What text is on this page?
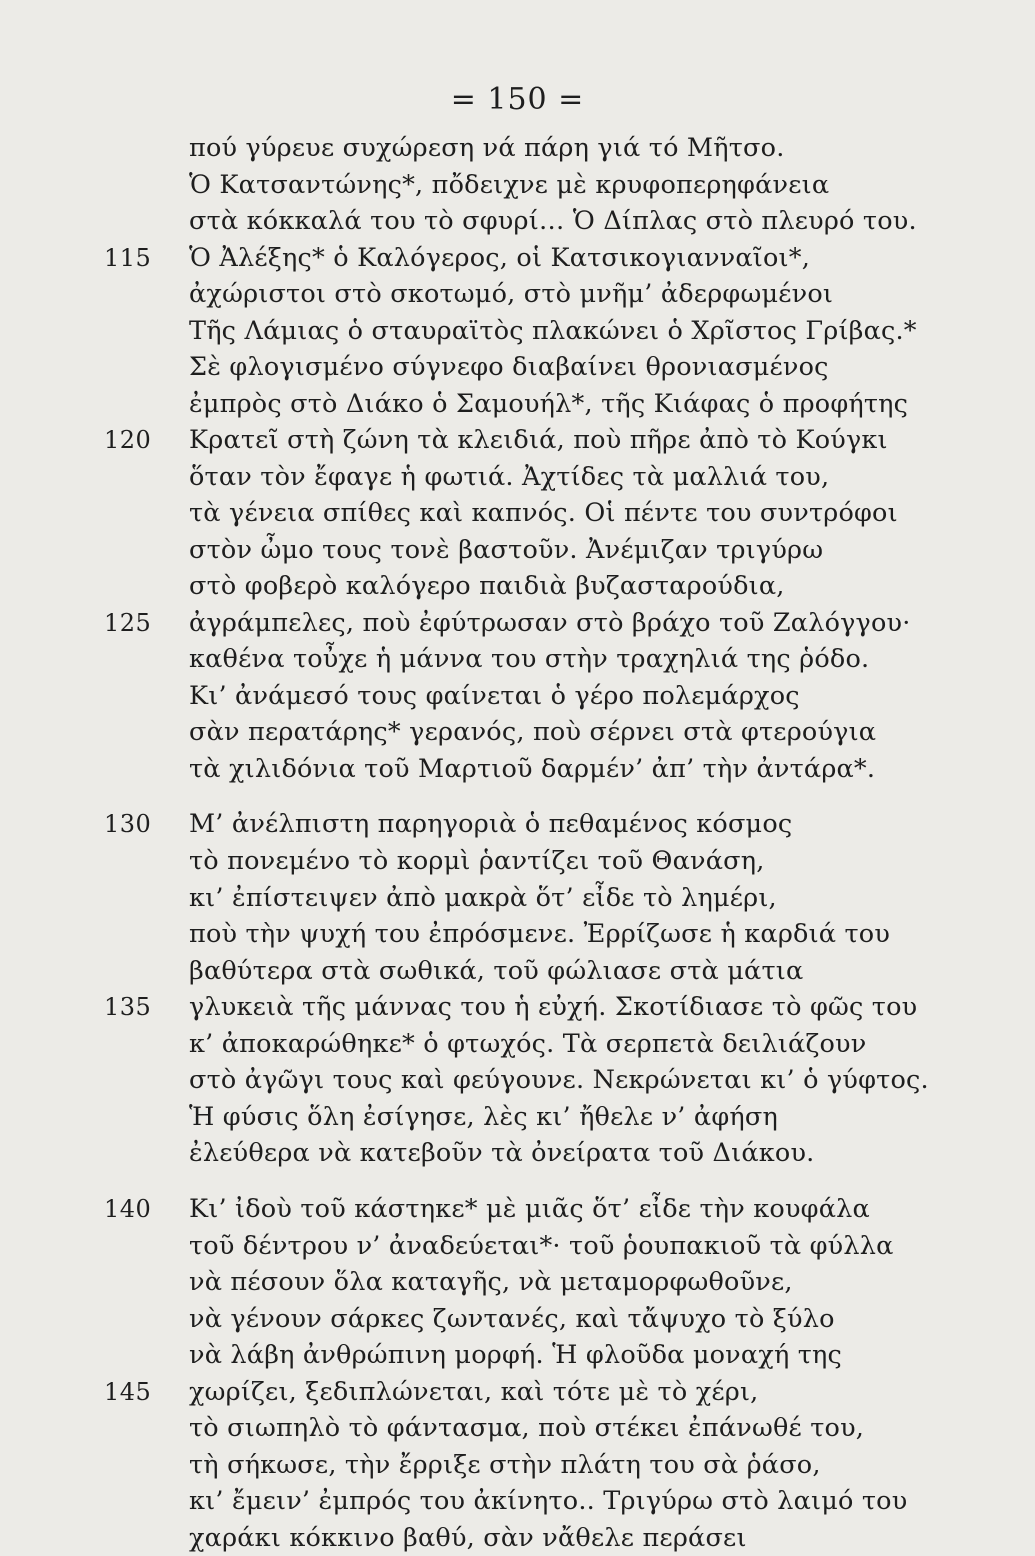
= 150 =
πού γύρευε συχώρεση νά πάρη γιά τό Μῆτσο.
Ὁ Κατσαντώνης*, πὄδειχνε μὲ κρυφοπερηφάνεια
στὰ κόκκαλά του τὸ σφυρί… Ὁ Δίπλας στὸ πλευρό του.
115	Ὁ Ἀλέξης* ὁ Καλόγερος, οἱ Κατσικογιανναῖοι*,
ἀχώριστοι στὸ σκοτωμό, στὸ μνῆμ’ ἀδερφωμένοι
Τῆς Λάμιας ὁ σταυραϊτὸς πλακώνει ὁ Χρῖστος Γρίβας.*
Σὲ φλογισμένο σύγνεφο διαβαίνει θρονιασμένος
ἐμπρὸς στὸ Διάκο ὁ Σαμουήλ*, τῆς Κιάφας ὁ προφήτης
120	Κρατεῖ στὴ ζώνη τὰ κλειδιά, ποὺ πῆρε ἀπὸ τὸ Κούγκι
ὅταν τὸν ἔφαγε ἡ φωτιά. Ἀχτίδες τὰ μαλλιά του,
τὰ γένεια σπίθες καὶ καπνός. Οἱ πέντε του συντρόφοι
στὸν ὦμο τους τονὲ βαστοῦν. Ἀνέμιζαν τριγύρω
στὸ φοβερὸ καλόγερο παιδιὰ βυζασταρούδια,
125	ἀγράμπελες, ποὺ ἐφύτρωσαν στὸ βράχο τοῦ Ζαλόγγου·
καθένα τοὖχε ἡ μάννα του στὴν τραχηλιά της ῥόδο.
Κι’ ἀνάμεσό τους φαίνεται ὁ γέρο πολεμάρχος
σὰν περατάρης* γερανός, ποὺ σέρνει στὰ φτερούγια
τὰ χιλιδόνια τοῦ Μαρτιοῦ δαρμέν’ ἀπ’ τὴν ἀντάρα*.
130	Μ’ ἀνέλπιστη παρηγοριὰ ὁ πεθαμένος κόσμος
τὸ πονεμένο τὸ κορμὶ ῥαντίζει τοῦ Θανάση,
κι’ ἐπίστειψεν ἀπὸ μακρὰ ὅτ’ εἶδε τὸ λημέρι,
ποὺ τὴν ψυχή του ἐπρόσμενε. Ἐρρίζωσε ἡ καρδιά του
βαθύτερα στὰ σωθικά, τοῦ φώλιασε στὰ μάτια
135	γλυκειὰ τῆς μάννας του ἡ εὐχή. Σκοτίδιασε τὸ φῶς του
κ’ ἀποκαρώθηκε* ὁ φτωχός. Τὰ σερπετὰ δειλιάζουν
στὸ ἀγῶγι τους καὶ φεύγουνε. Νεκρώνεται κι’ ὁ γύφτος.
Ἡ φύσις ὅλη ἐσίγησε, λὲς κι’ ἤθελε ν’ ἀφήση
ἐλεύθερα νὰ κατεβοῦν τὰ ὀνείρατα τοῦ Διάκου.
140	Κι’ ἰδοὺ τοῦ κάστηκε* μὲ μιᾶς ὅτ’ εἶδε τὴν κουφάλα
τοῦ δέντρου ν’ ἀναδεύεται*· τοῦ ῥουπακιοῦ τὰ φύλλα
νὰ πέσουν ὅλα καταγῆς, νὰ μεταμορφωθοῦνε,
νὰ γένουν σάρκες ζωντανές, καὶ τἄψυχο τὸ ξύλο
νὰ λάβη ἀνθρώπινη μορφή. Ἡ φλοῦδα μοναχή της
145	χωρίζει, ξεδιπλώνεται, καὶ τότε μὲ τὸ χέρι,
τὸ σιωπηλὸ τὸ φάντασμα, ποὺ στέκει ἐπάνωθέ του,
τὴ σήκωσε, τὴν ἔρριξε στὴν πλάτη του σὰ ῥάσο,
κι’ ἔμειν’ ἐμπρός του ἀκίνητο.. Τριγύρω στὸ λαιμό του
χαράκι κόκκινο βαθύ, σὰν νἄθελε περάσει
